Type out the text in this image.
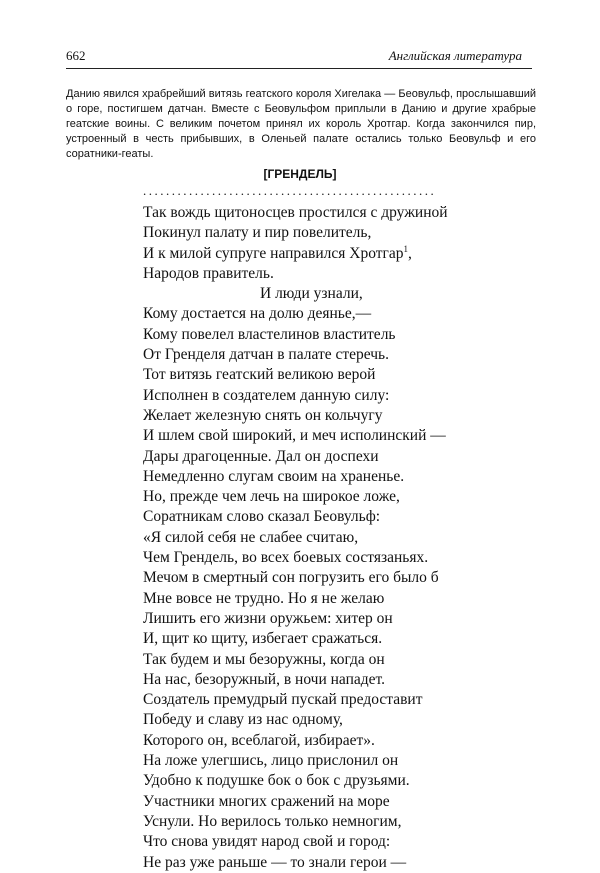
662	Английская литература

Данию явился храбрейший витязь геатского короля Хигелака — Беовульф, прослышавший о горе, постигшем датчан. Вместе с Беовульфом приплыли в Данию и другие храбрые геатские воины. С великим почетом принял их король Хротгар. Когда закончился пир, устроенный в честь прибывших, в Оленьей палате остались только Беовульф и его соратники-геаты.

[ГРЕНДЕЛЬ]
...................................................
Так вождь щитоносцев простился с дружиной
Покинул палату и пир повелитель,
И к милой супруге направился Хротгар$^1$,
Народов правитель.
И люди узнали,
Кому достается на долю деянье,—
Кому повелел властелинов властитель
От Гренделя датчан в палате стеречь.
Тот витязь геатский великою верой
Исполнен в создателем данную силу:
Желает железную снять он кольчугу
И шлем свой широкий, и меч исполинский —
Дары драгоценные. Дал он доспехи
Немедленно слугам своим на храненье.
Но, прежде чем лечь на широкое ложе,
Соратникам слово сказал Беовульф:
«Я силой себя не слабее считаю,
Чем Грендель, во всех боевых состязаньях.
Мечом в смертный сон погрузить его было б
Мне вовсе не трудно. Но я не желаю
Лишить его жизни оружьем: хитер он
И, щит ко щиту, избегает сражаться.
Так будем и мы безоружны, когда он
На нас, безоружный, в ночи нападет.
Создатель премудрый пускай предоставит
Победу и славу из нас одному,
Которого он, всеблагой, избирает».
На ложе улегшись, лицо прислонил он
Удобно к подушке бок о бок с друзьями.
Участники многих сражений на море
Уснули. Но верилось только немногим,
Что снова увидят народ свой и город:
Не раз уже раньше — то знали герои —
